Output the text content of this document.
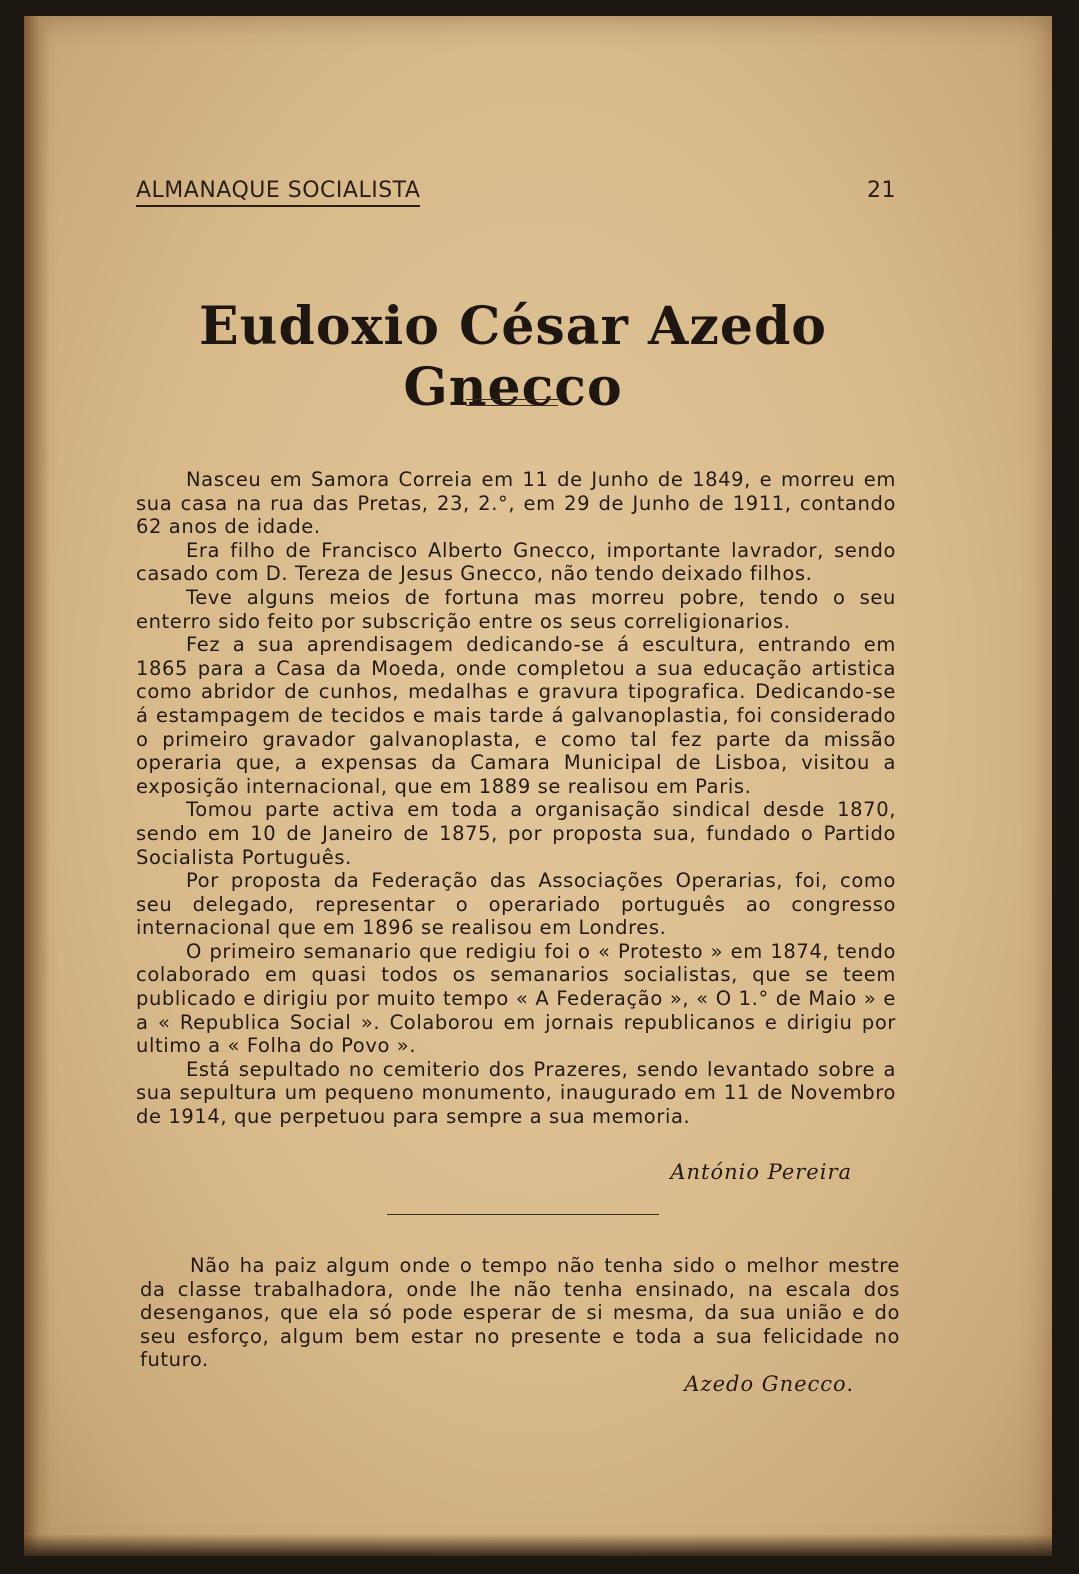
ALMANAQUE SOCIALISTA	21
Eudoxio César Azedo Gnecco

Nasceu em Samora Correia em 11 de Junho de 1849, e morreu em sua casa na rua das Pretas, 23, 2.°, em 29 de Junho de 1911, contando 62 anos de idade.

Era filho de Francisco Alberto Gnecco, importante lavrador, sendo casado com D. Tereza de Jesus Gnecco, não tendo deixado filhos.

Teve alguns meios de fortuna mas morreu pobre, tendo o seu enterro sido feito por subscrição entre os seus correligionarios.

Fez a sua aprendisagem dedicando-se á escultura, entrando em 1865 para a Casa da Moeda, onde completou a sua educação artistica como abridor de cunhos, medalhas e gravura tipografica. Dedicando-se á estampagem de tecidos e mais tarde á galvanoplastia, foi considerado o primeiro gravador galvanoplasta, e como tal fez parte da missão operaria que, a expensas da Camara Municipal de Lisboa, visitou a exposição internacional, que em 1889 se realisou em Paris.

Tomou parte activa em toda a organisação sindical desde 1870, sendo em 10 de Janeiro de 1875, por proposta sua, fundado o Partido Socialista Português.

Por proposta da Federação das Associações Operarias, foi, como seu delegado, representar o operariado português ao congresso internacional que em 1896 se realisou em Londres.

O primeiro semanario que redigiu foi o « Protesto » em 1874, tendo colaborado em quasi todos os semanarios socialistas, que se teem publicado e dirigiu por muito tempo « A Federação », « O 1.° de Maio » e a « Republica Social ». Colaborou em jornais republicanos e dirigiu por ultimo a « Folha do Povo ».

Está sepultado no cemiterio dos Prazeres, sendo levantado sobre a sua sepultura um pequeno monumento, inaugurado em 11 de Novembro de 1914, que perpetuou para sempre a sua memoria.

António Pereira

Não ha paiz algum onde o tempo não tenha sido o melhor mestre da classe trabalhadora, onde lhe não tenha ensinado, na escala dos desenganos, que ela só pode esperar de si mesma, da sua união e do seu esforço, algum bem estar no presente e toda a sua felicidade no futuro.

Azedo Gnecco.
